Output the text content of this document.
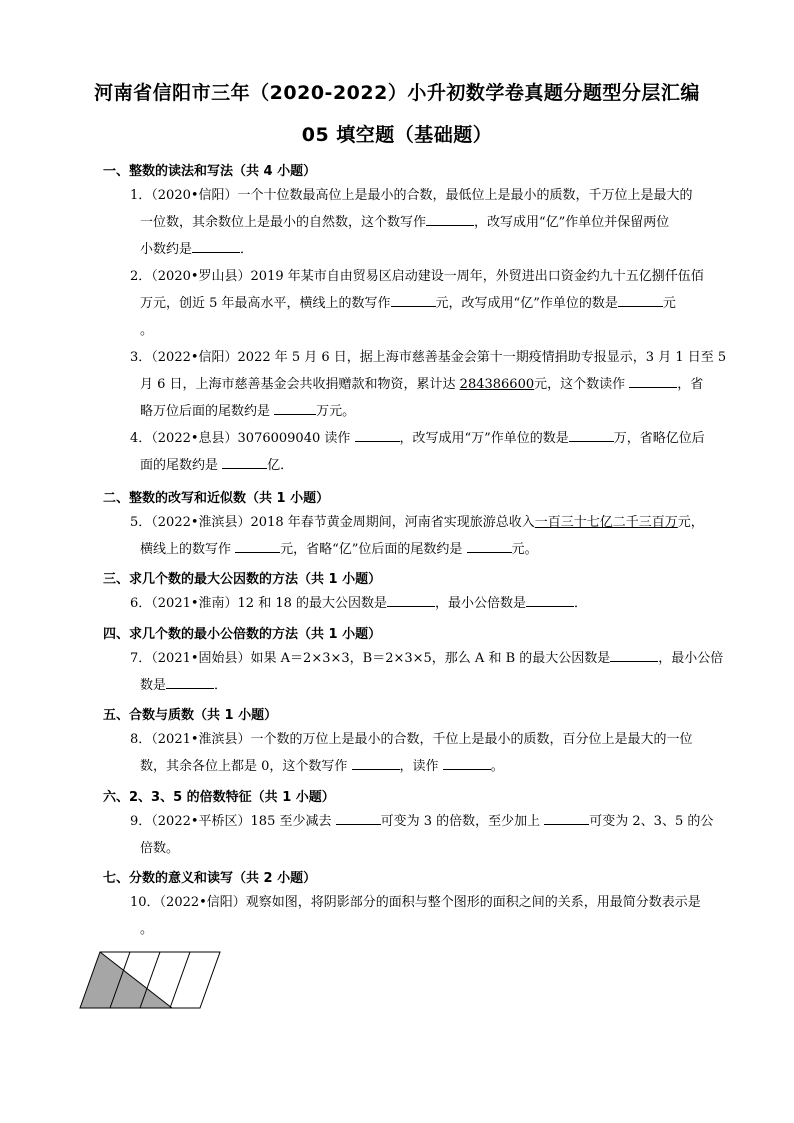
河南省信阳市三年（2020-2022）小升初数学卷真题分题型分层汇编
05 填空题（基础题）
一、整数的读法和写法（共 4 小题）
1．（2020•信阳）一个十位数最高位上是最小的合数，最低位上是最小的质数，千万位上是最大的
一位数，其余数位上是最小的自然数，这个数写作	，改写成用“亿”作单位并保留两位
小数约是	．
2．（2020•罗山县）2019 年某市自由贸易区启动建设一周年，外贸进出口资金约九十五亿捌仟伍佰
万元，创近 5 年最高水平，横线上的数写作	元，改写成用“亿”作单位的数是	元
。
3．（2022•信阳）2022 年 5 月 6 日，据上海市慈善基金会第十一期疫情捐助专报显示，3 月 1 日至 5
月 6 日，上海市慈善基金会共收捐赠款和物资，累计达 284386600元，这个数读作	，省
略万位后面的尾数约是	万元。
4．（2022•息县）3076009040 读作	，改写成用“万”作单位的数是	万，省略亿位后
面的尾数约是	亿．
二、整数的改写和近似数（共 1 小题）
5．（2022•淮滨县）2018 年春节黄金周期间，河南省实现旅游总收入一百三十七亿二千三百万元，
横线上的数写作	元，省略“亿”位后面的尾数约是	元。
三、求几个数的最大公因数的方法（共 1 小题）
6．（2021•淮南）12 和 18 的最大公因数是	，最小公倍数是	．
四、求几个数的最小公倍数的方法（共 1 小题）
7．（2021•固始县）如果 A＝2×3×3，B＝2×3×5，那么 A 和 B 的最大公因数是	，最小公倍
数是	．
五、合数与质数（共 1 小题）
8．（2021•淮滨县）一个数的万位上是最小的合数，千位上是最小的质数，百分位上是最大的一位
数，其余各位上都是 0，这个数写作	，读作	。
六、2、3、5 的倍数特征（共 1 小题）
9．（2022•平桥区）185 至少减去	可变为 3 的倍数，至少加上	可变为 2、3、5 的公
倍数。
七、分数的意义和读写（共 2 小题）
10．（2022•信阳）观察如图，将阴影部分的面积与整个图形的面积之间的关系，用最简分数表示是
。
